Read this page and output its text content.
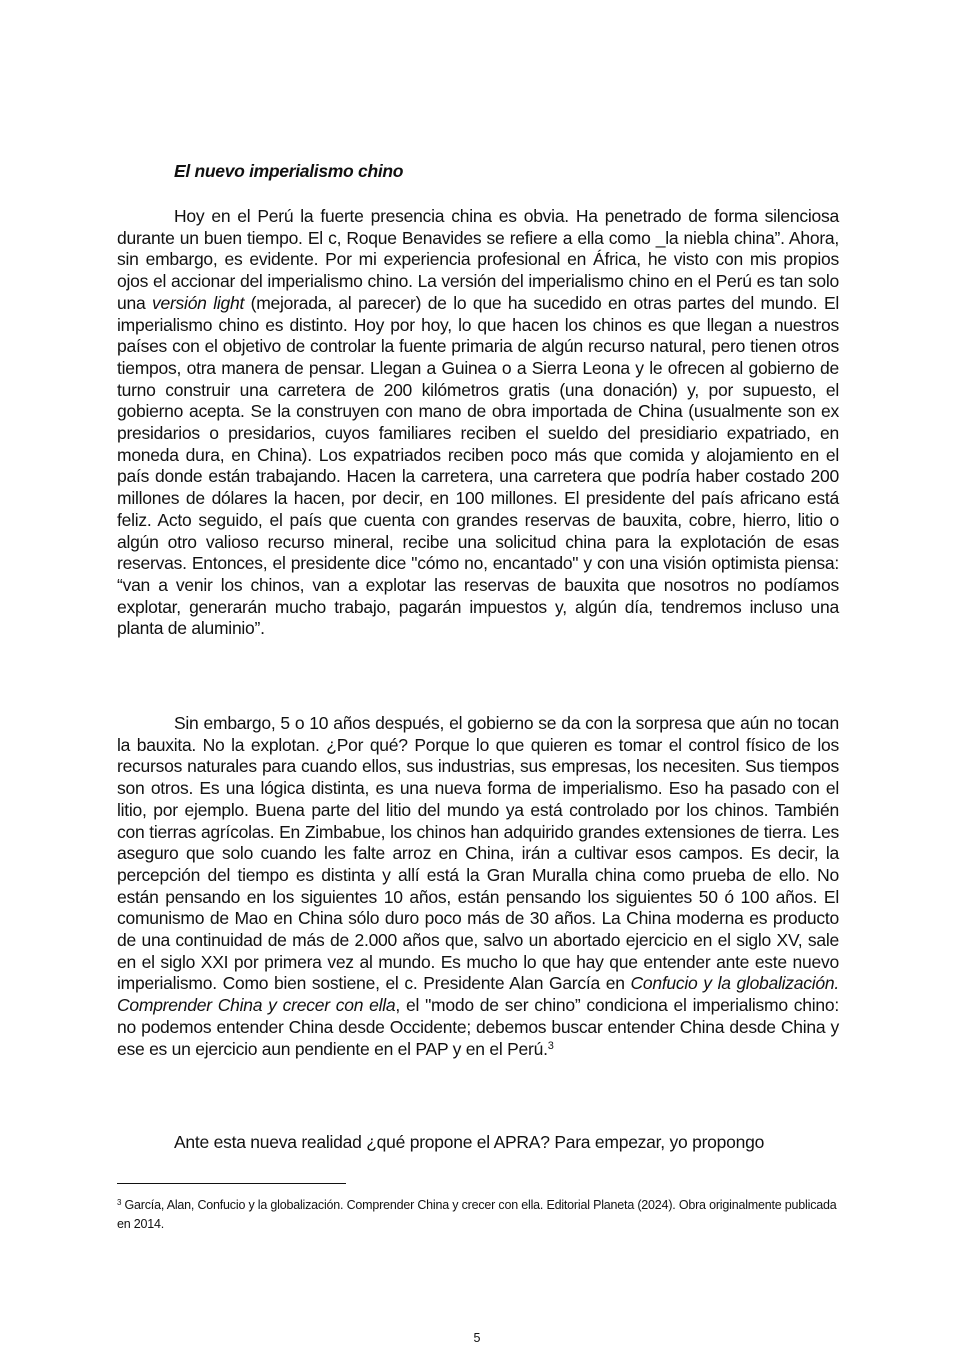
El nuevo imperialismo chino

Hoy en el Perú la fuerte presencia china es obvia. Ha penetrado de forma silenciosa durante un buen tiempo. El c, Roque Benavides se refiere a ella como _la niebla china”. Ahora, sin embargo, es evidente. Por mi experiencia profesional en África, he visto con mis propios ojos el accionar del imperialismo chino. La versión del imperialismo chino en el Perú es tan solo una versión light (mejorada, al parecer) de lo que ha sucedido en otras partes del mundo. El imperialismo chino es distinto. Hoy por hoy, lo que hacen los chinos es que llegan a nuestros países con el objetivo de controlar la fuente primaria de algún recurso natural, pero tienen otros tiempos, otra manera de pensar. Llegan a Guinea o a Sierra Leona y le ofrecen al gobierno de turno construir una carretera de 200 kilómetros gratis (una donación) y, por supuesto, el gobierno acepta. Se la construyen con mano de obra importada de China (usualmente son ex presidarios o presidarios, cuyos familiares reciben el sueldo del presidiario expatriado, en moneda dura, en China). Los expatriados reciben poco más que comida y alojamiento en el país donde están trabajando. Hacen la carretera, una carretera que podría haber costado 200 millones de dólares la hacen, por decir, en 100 millones. El presidente del país africano está feliz. Acto seguido, el país que cuenta con grandes reservas de bauxita, cobre, hierro, litio o algún otro valioso recurso mineral, recibe una solicitud china para la explotación de esas reservas. Entonces, el presidente dice "cómo no, encantado" y con una visión optimista piensa: “van a venir los chinos, van a explotar las reservas de bauxita que nosotros no podíamos explotar, generarán mucho trabajo, pagarán impuestos y, algún día, tendremos incluso una planta de aluminio”.

Sin embargo, 5 o 10 años después, el gobierno se da con la sorpresa que aún no tocan la bauxita. No la explotan. ¿Por qué? Porque lo que quieren es tomar el control físico de los recursos naturales para cuando ellos, sus industrias, sus empresas, los necesiten. Sus tiempos son otros. Es una lógica distinta, es una nueva forma de imperialismo. Eso ha pasado con el litio, por ejemplo. Buena parte del litio del mundo ya está controlado por los chinos. También con tierras agrícolas. En Zimbabue, los chinos han adquirido grandes extensiones de tierra. Les aseguro que solo cuando les falte arroz en China, irán a cultivar esos campos. Es decir, la percepción del tiempo es distinta y allí está la Gran Muralla china como prueba de ello. No están pensando en los siguientes 10 años, están pensando los siguientes 50 ó 100 años. El comunismo de Mao en China sólo duro poco más de 30 años. La China moderna es producto de una continuidad de más de 2.000 años que, salvo un abortado ejercicio en el siglo XV, sale en el siglo XXI por primera vez al mundo. Es mucho lo que hay que entender ante este nuevo imperialismo. Como bien sostiene, el c. Presidente Alan García en Confucio y la globalización. Comprender China y crecer con ella, el "modo de ser chino” condiciona el imperialismo chino: no podemos entender China desde Occidente; debemos buscar entender China desde China y ese es un ejercicio aun pendiente en el PAP y en el Perú.$^3$

Ante esta nueva realidad ¿qué propone el APRA? Para empezar, yo propongo

$^3$ García, Alan, Confucio y la globalización. Comprender China y crecer con ella. Editorial Planeta (2024). Obra originalmente publicada en 2014.

5
